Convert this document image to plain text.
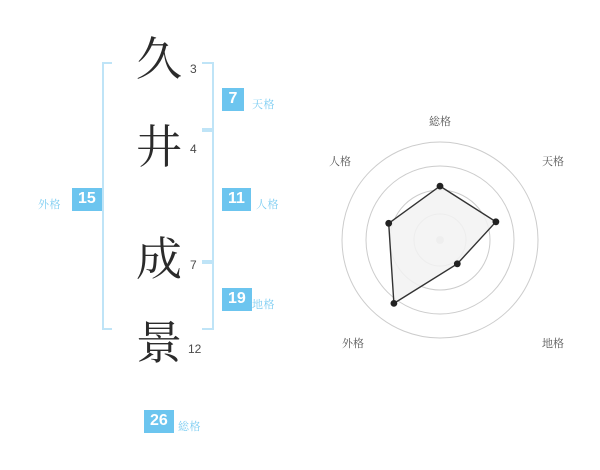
外格	15
久 3
井 4
成 7
景 12
7	天格
11	人格
19 地格
26 総格
総格
天格
地格
外格
人格
